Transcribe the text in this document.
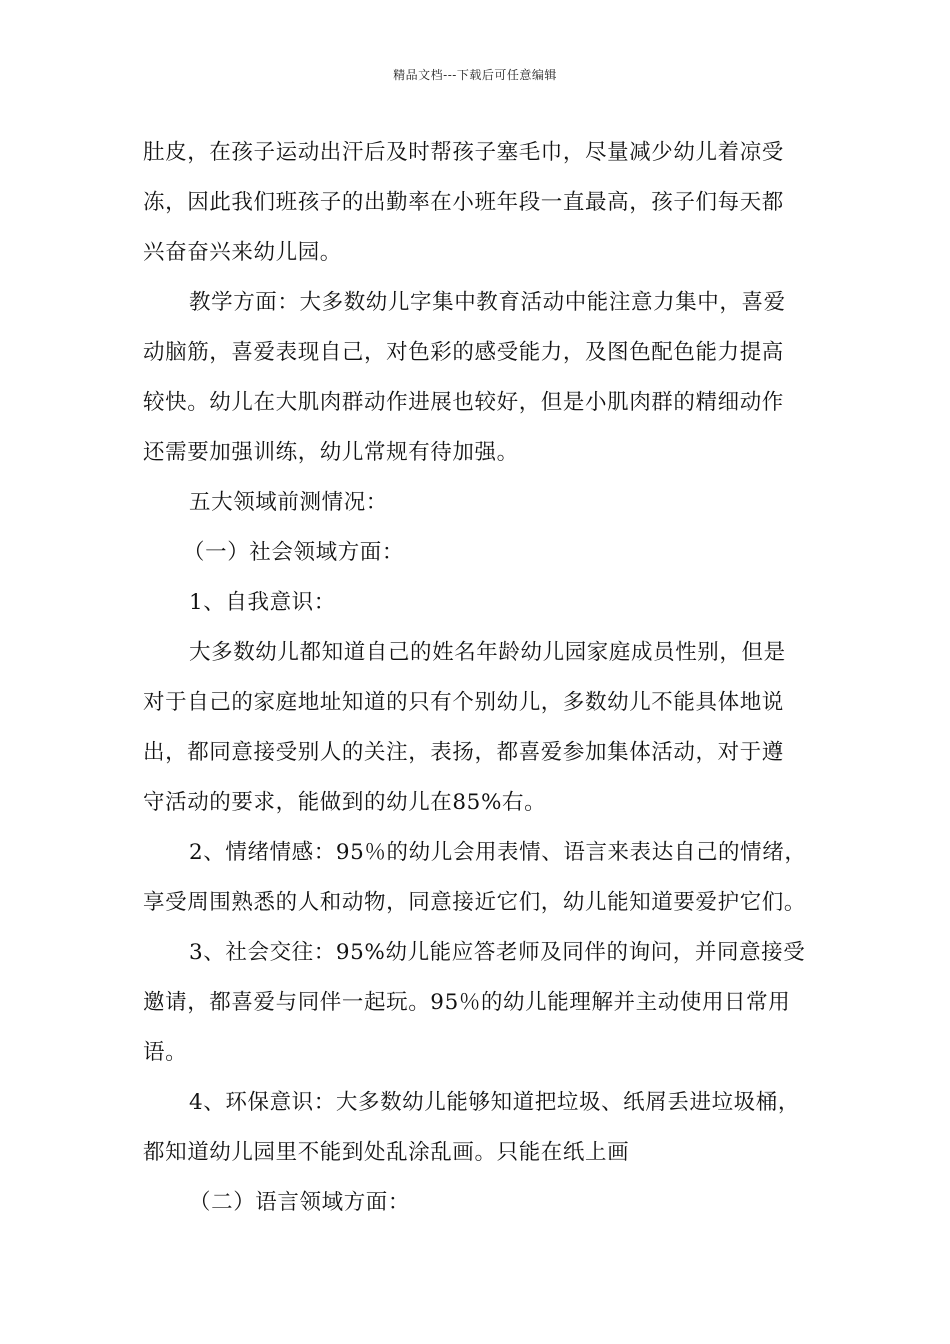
精品文档---下载后可任意编辑
肚皮，在孩子运动出汗后及时帮孩子塞毛巾，尽量减少幼儿着凉受
冻，因此我们班孩子的出勤率在小班年段一直最高，孩子们每天都
兴奋奋兴来幼儿园。
教学方面：大多数幼儿字集中教育活动中能注意力集中，喜爱
动脑筋，喜爱表现自己，对色彩的感受能力，及图色配色能力提高
较快。幼儿在大肌肉群动作进展也较好，但是小肌肉群的精细动作
还需要加强训练，幼儿常规有待加强。
五大领域前测情况：
（一）社会领域方面：
1、自我意识：
大多数幼儿都知道自己的姓名年龄幼儿园家庭成员性别，但是
对于自己的家庭地址知道的只有个别幼儿，多数幼儿不能具体地说
出，都同意接受别人的关注，表扬，都喜爱参加集体活动，对于遵
守活动的要求，能做到的幼儿在85%右。
2、情绪情感：95％的幼儿会用表情、语言来表达自己的情绪，
享受周围熟悉的人和动物，同意接近它们，幼儿能知道要爱护它们。
3、社会交往：95%幼儿能应答老师及同伴的询问，并同意接受
邀请，都喜爱与同伴一起玩。95％的幼儿能理解并主动使用日常用
语。
4、环保意识：大多数幼儿能够知道把垃圾、纸屑丢进垃圾桶，
都知道幼儿园里不能到处乱涂乱画。只能在纸上画
（二）语言领域方面：
